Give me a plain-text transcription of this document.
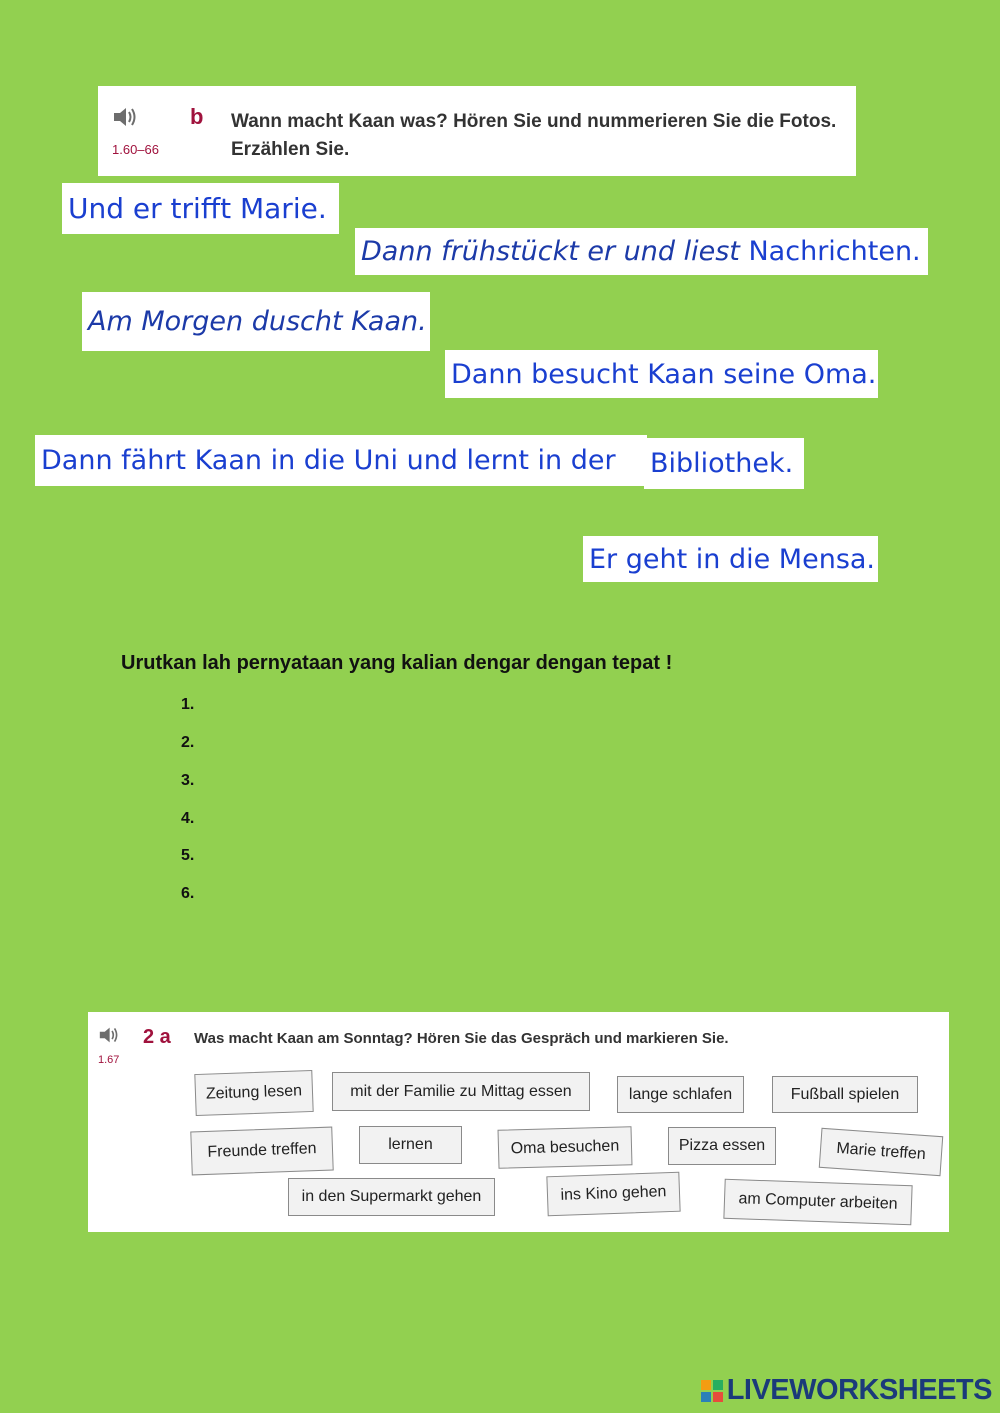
1.60–66
b Wann macht Kaan was? Hören Sie und nummerieren Sie die Fotos.
Erzählen Sie.
Und er trifft Marie.
Dann frühstückt er und liest Nachrichten.
Am Morgen duscht Kaan.
Dann besucht Kaan seine Oma.
Dann fährt Kaan in die Uni und lernt in der Bibliothek.
Er geht in die Mensa.
Urutkan lah pernyataan yang kalian dengar dengan tepat !
1.
2.
3.
4.
5.
6.
1.67
2 a Was macht Kaan am Sonntag? Hören Sie das Gespräch und markieren Sie.
Zeitung lesen	mit der Familie zu Mittag essen	lange schlafen	Fußball spielen
Freunde treffen	lernen	Oma besuchen	Pizza essen	Marie treffen
in den Supermarkt gehen	ins Kino gehen	am Computer arbeiten
LIVEWORKSHEETS
